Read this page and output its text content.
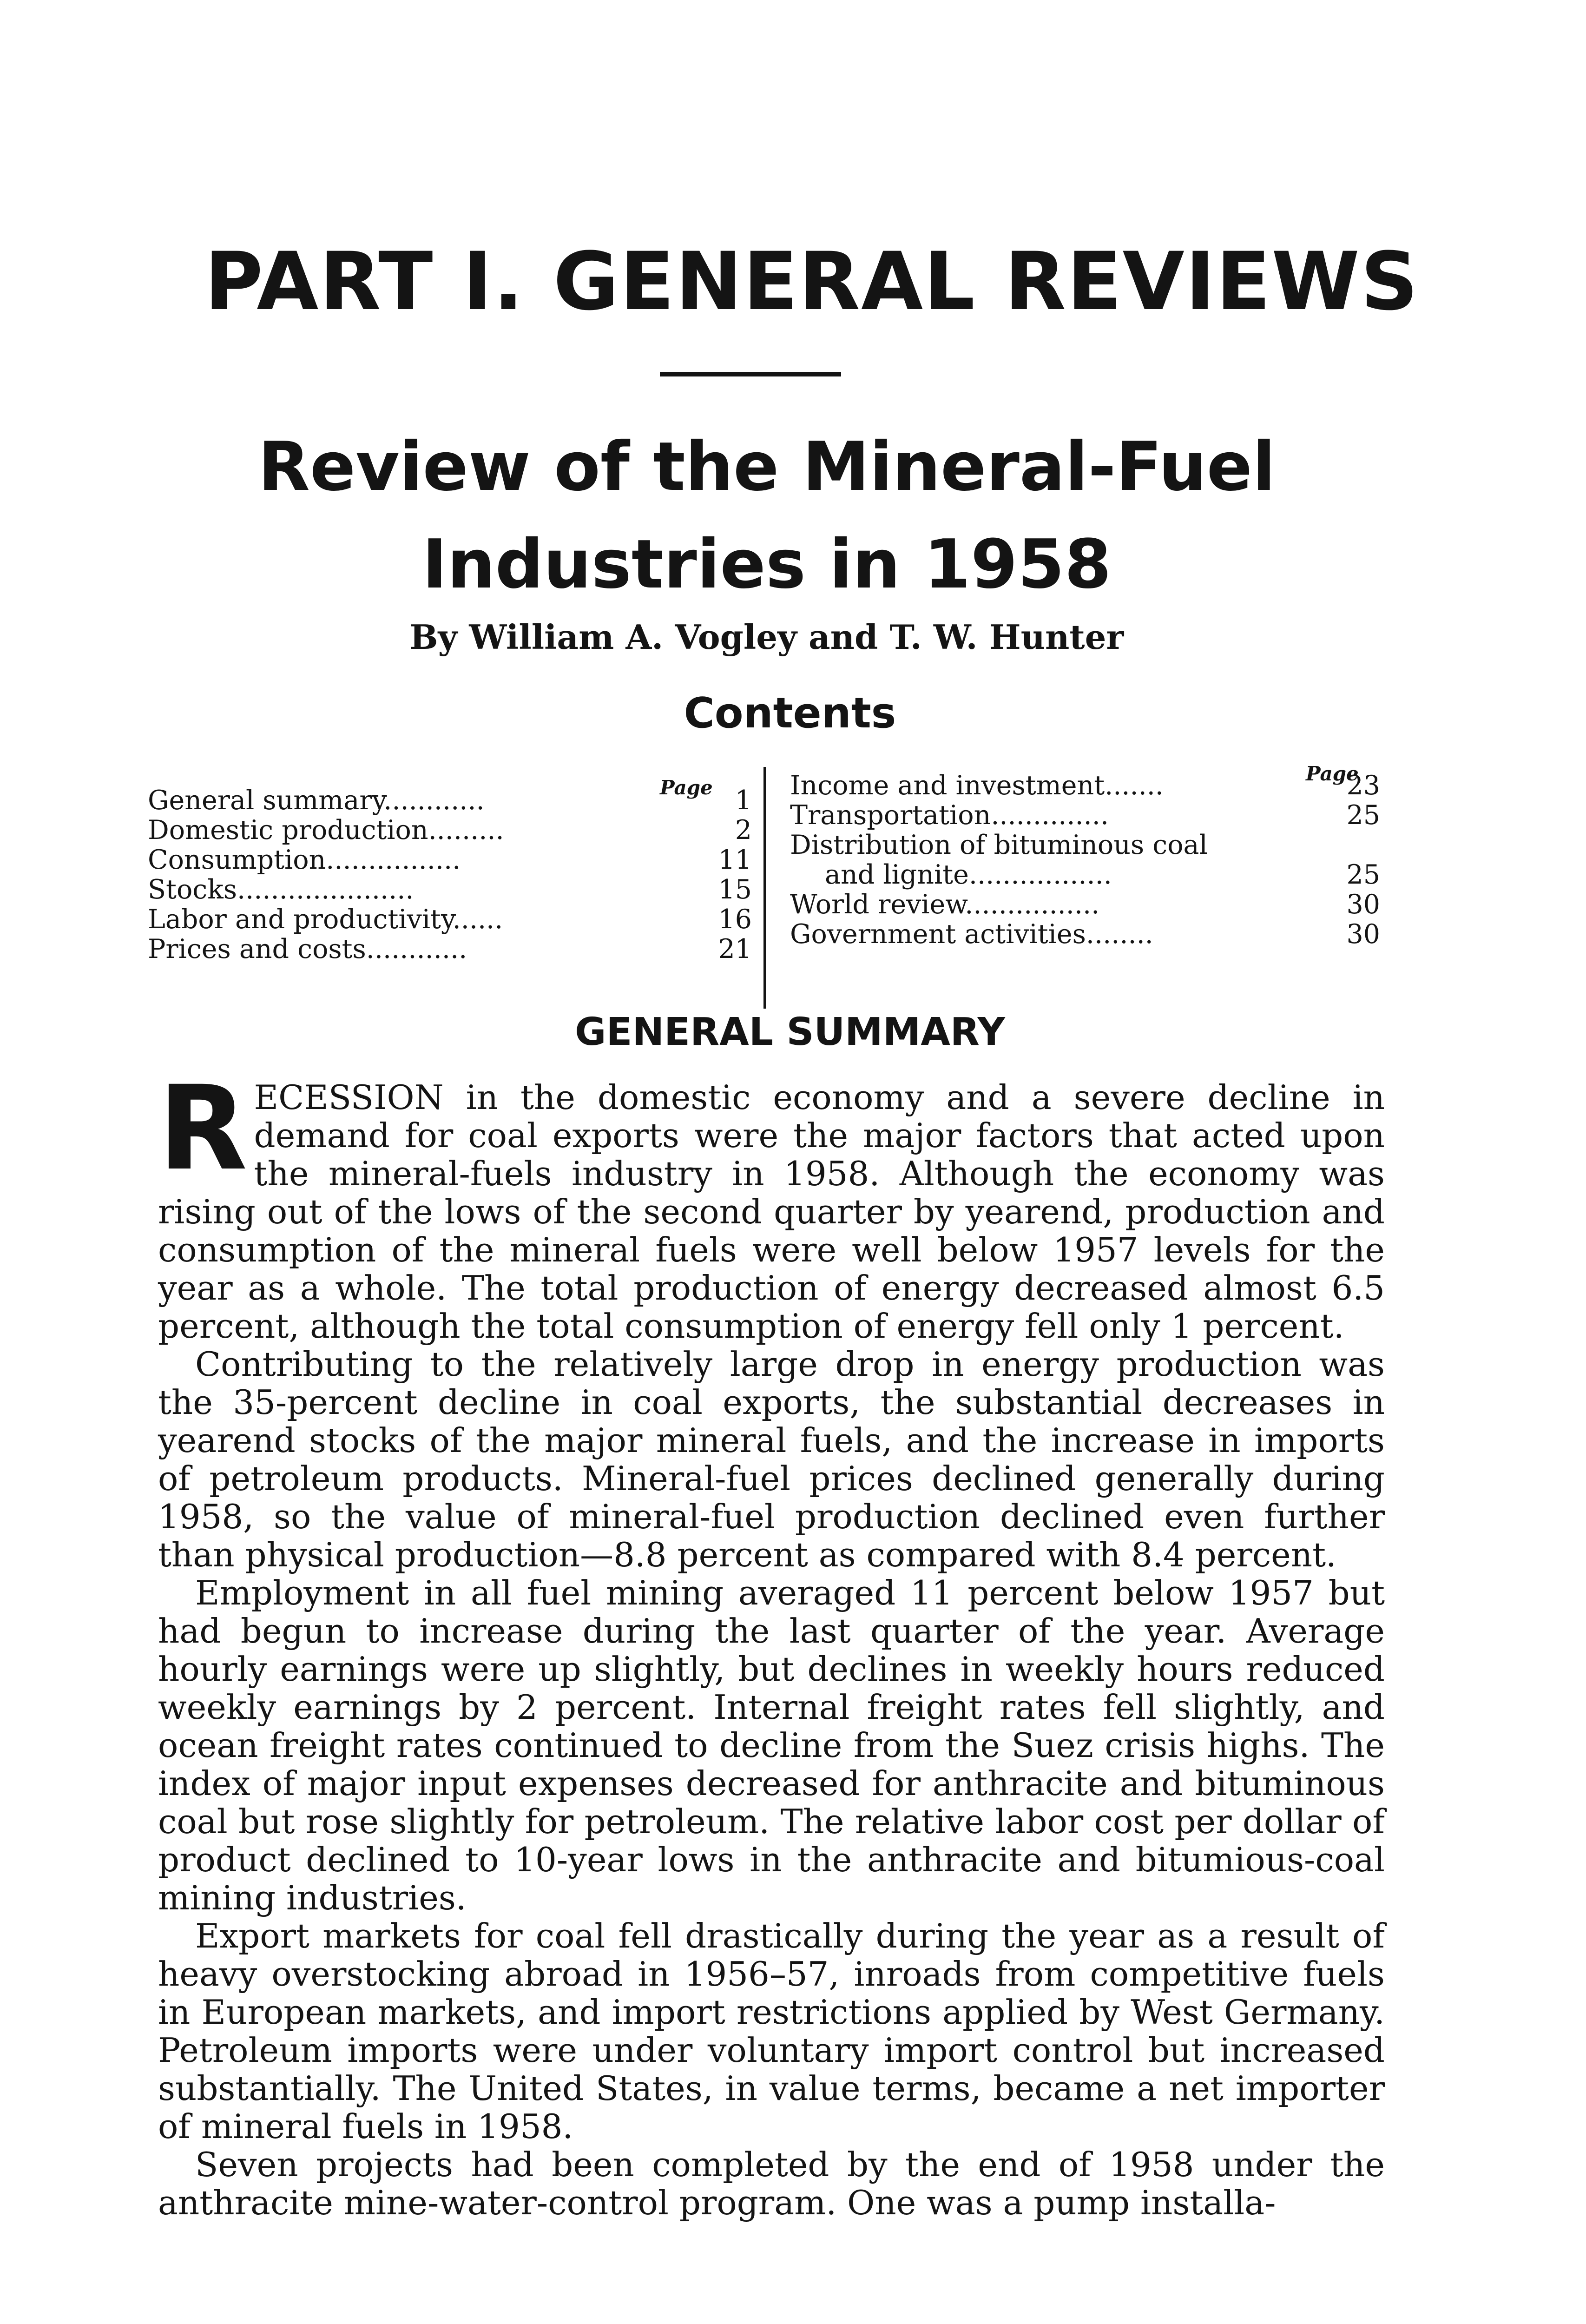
PART I. GENERAL REVIEWS
Review of the Mineral-Fuel Industries in 1958
By William A. Vogley and T. W. Hunter
Contents
Page
Page
General summary............	1
Domestic production.........	2
Consumption................	11
Stocks.....................	15
Labor and productivity......	16
Prices and costs............	21
Income and investment.......	23
Transportation..............	25
Distribution of bituminous coal
and lignite.................	25
World review................	30
Government activities........	30
GENERAL SUMMARY

RECESSION in the domestic economy and a severe decline in demand for coal exports were the major factors that acted upon the mineral-fuels industry in 1958. Although the economy was rising out of the lows of the second quarter by yearend, production and consumption of the mineral fuels were well below 1957 levels for the year as a whole. The total production of energy decreased almost 6.5 percent, although the total consumption of energy fell only 1 percent.

Contributing to the relatively large drop in energy production was the 35-percent decline in coal exports, the substantial decreases in yearend stocks of the major mineral fuels, and the increase in imports of petroleum products. Mineral-fuel prices declined generally during 1958, so the value of mineral-fuel production declined even further than physical production—8.8 percent as compared with 8.4 percent.

Employment in all fuel mining averaged 11 percent below 1957 but had begun to increase during the last quarter of the year. Average hourly earnings were up slightly, but declines in weekly hours reduced weekly earnings by 2 percent. Internal freight rates fell slightly, and ocean freight rates continued to decline from the Suez crisis highs. The index of major input expenses decreased for anthracite and bituminous coal but rose slightly for petroleum. The relative labor cost per dollar of product declined to 10-year lows in the anthracite and bitumious-coal mining industries.

Export markets for coal fell drastically during the year as a result of heavy overstocking abroad in 1956–57, inroads from competitive fuels in European markets, and import restrictions applied by West Germany. Petroleum imports were under voluntary import control but increased substantially. The United States, in value terms, became a net importer of mineral fuels in 1958.

Seven projects had been completed by the end of 1958 under the anthracite mine-water-control program. One was a pump installa-
